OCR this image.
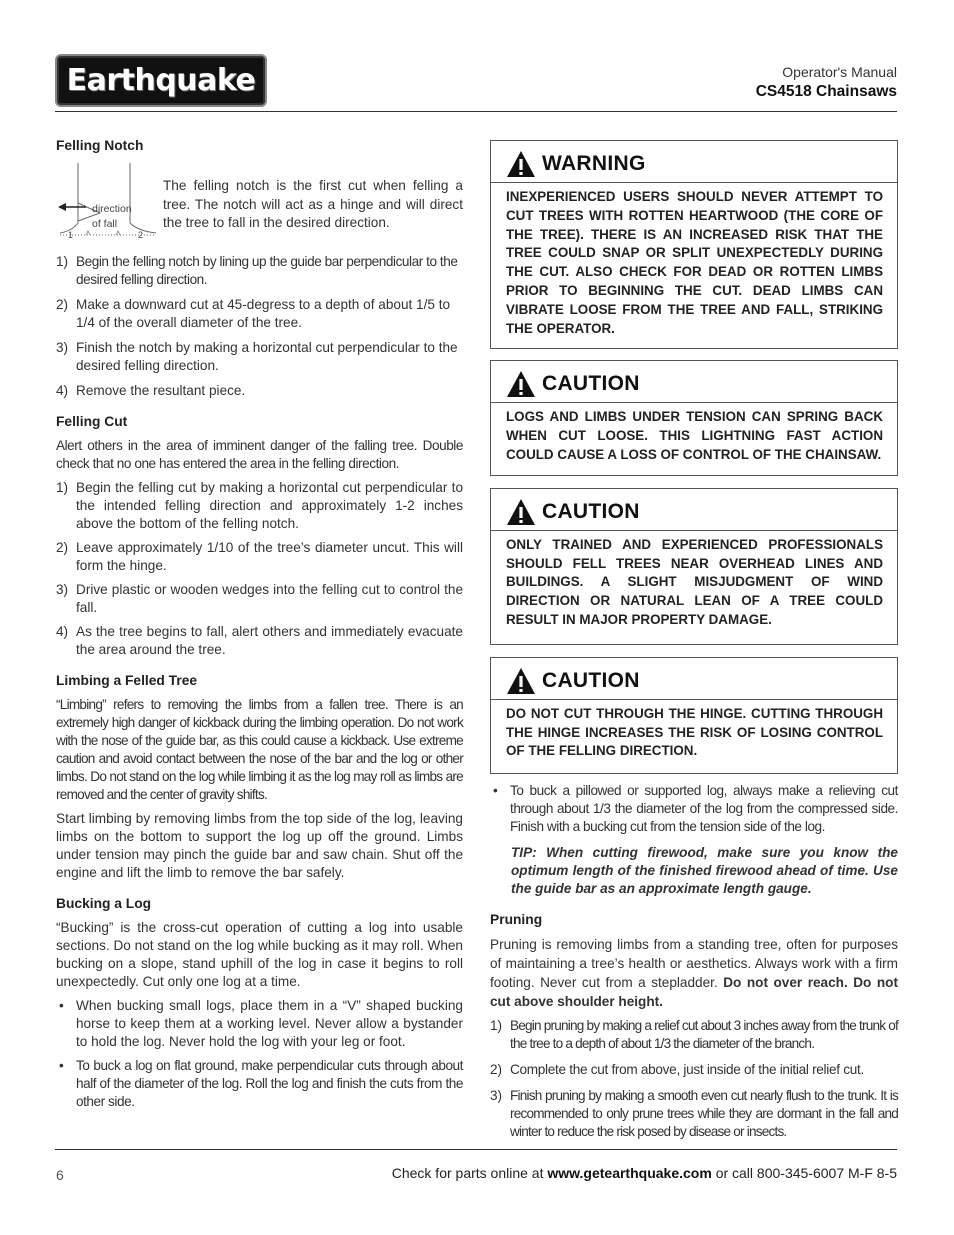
Earthquake	Operator's Manual
CS4518 Chainsaws
Felling Notch
direction
of fall
1	2

The felling notch is the first cut when felling a tree. The notch will act as a hinge and will direct the tree to fall in the desired direction.

1) Begin the felling notch by lining up the guide bar perpendicular to the desired felling direction.
2) Make a downward cut at 45-degress to a depth of about 1/5 to 1/4 of the overall diameter of the tree.
3) Finish the notch by making a horizontal cut perpendicular to the desired felling direction.
4) Remove the resultant piece.
Felling Cut

Alert others in the area of imminent danger of the falling tree. Double check that no one has entered the area in the felling direction.

1) Begin the felling cut by making a horizontal cut perpendicular to the intended felling direction and approximately 1-2 inches above the bottom of the felling notch.
2) Leave approximately 1/10 of the tree’s diameter uncut. This will form the hinge.
3) Drive plastic or wooden wedges into the felling cut to control the fall.
4) As the tree begins to fall, alert others and immediately evacuate the area around the tree.
Limbing a Felled Tree

“Limbing” refers to removing the limbs from a fallen tree. There is an extremely high danger of kickback during the limbing operation. Do not work with the nose of the guide bar, as this could cause a kickback. Use extreme caution and avoid contact between the nose of the bar and the log or other limbs. Do not stand on the log while limbing it as the log may roll as limbs are removed and the center of gravity shifts.

Start limbing by removing limbs from the top side of the log, leaving limbs on the bottom to support the log up off the ground. Limbs under tension may pinch the guide bar and saw chain. Shut off the engine and lift the limb to remove the bar safely.

Bucking a Log

“Bucking” is the cross-cut operation of cutting a log into usable sections. Do not stand on the log while bucking as it may roll. When bucking on a slope, stand uphill of the log in case it begins to roll unexpectedly. Cut only one log at a time.

• When bucking small logs, place them in a “V” shaped bucking horse to keep them at a working level. Never allow a bystander to hold the log. Never hold the log with your leg or foot.
• To buck a log on flat ground, make perpendicular cuts through about half of the diameter of the log. Roll the log and finish the cuts from the other side.
WARNING

INEXPERIENCED USERS SHOULD NEVER ATTEMPT TO CUT TREES WITH ROTTEN HEARTWOOD (THE CORE OF THE TREE). THERE IS AN INCREASED RISK THAT THE TREE COULD SNAP OR SPLIT UNEXPECTEDLY DURING THE CUT. ALSO CHECK FOR DEAD OR ROTTEN LIMBS PRIOR TO BEGINNING THE CUT. DEAD LIMBS CAN VIBRATE LOOSE FROM THE TREE AND FALL, STRIKING THE OPERATOR.

CAUTION

LOGS AND LIMBS UNDER TENSION CAN SPRING BACK WHEN CUT LOOSE. THIS LIGHTNING FAST ACTION COULD CAUSE A LOSS OF CONTROL OF THE CHAINSAW.

CAUTION

ONLY TRAINED AND EXPERIENCED PROFESSIONALS SHOULD FELL TREES NEAR OVERHEAD LINES AND BUILDINGS. A SLIGHT MISJUDGMENT OF WIND DIRECTION OR NATURAL LEAN OF A TREE COULD RESULT IN MAJOR PROPERTY DAMAGE.

CAUTION

DO NOT CUT THROUGH THE HINGE. CUTTING THROUGH THE HINGE INCREASES THE RISK OF LOSING CONTROL OF THE FELLING DIRECTION.

• To buck a pillowed or supported log, always make a relieving cut through about 1/3 the diameter of the log from the compressed side. Finish with a bucking cut from the tension side of the log.

TIP: When cutting firewood, make sure you know the optimum length of the finished firewood ahead of time. Use the guide bar as an approximate length gauge.

Pruning

Pruning is removing limbs from a standing tree, often for purposes of maintaining a tree’s health or aesthetics. Always work with a firm footing. Never cut from a stepladder. Do not over reach. Do not cut above shoulder height.

1) Begin pruning by making a relief cut about 3 inches away from the trunk of the tree to a depth of about 1/3 the diameter of the branch.
2) Complete the cut from above, just inside of the initial relief cut.
3) Finish pruning by making a smooth even cut nearly flush to the trunk. It is recommended to only prune trees while they are dormant in the fall and winter to reduce the risk posed by disease or insects.
6	Check for parts online at www.getearthquake.com or call 800-345-6007 M-F 8-5
